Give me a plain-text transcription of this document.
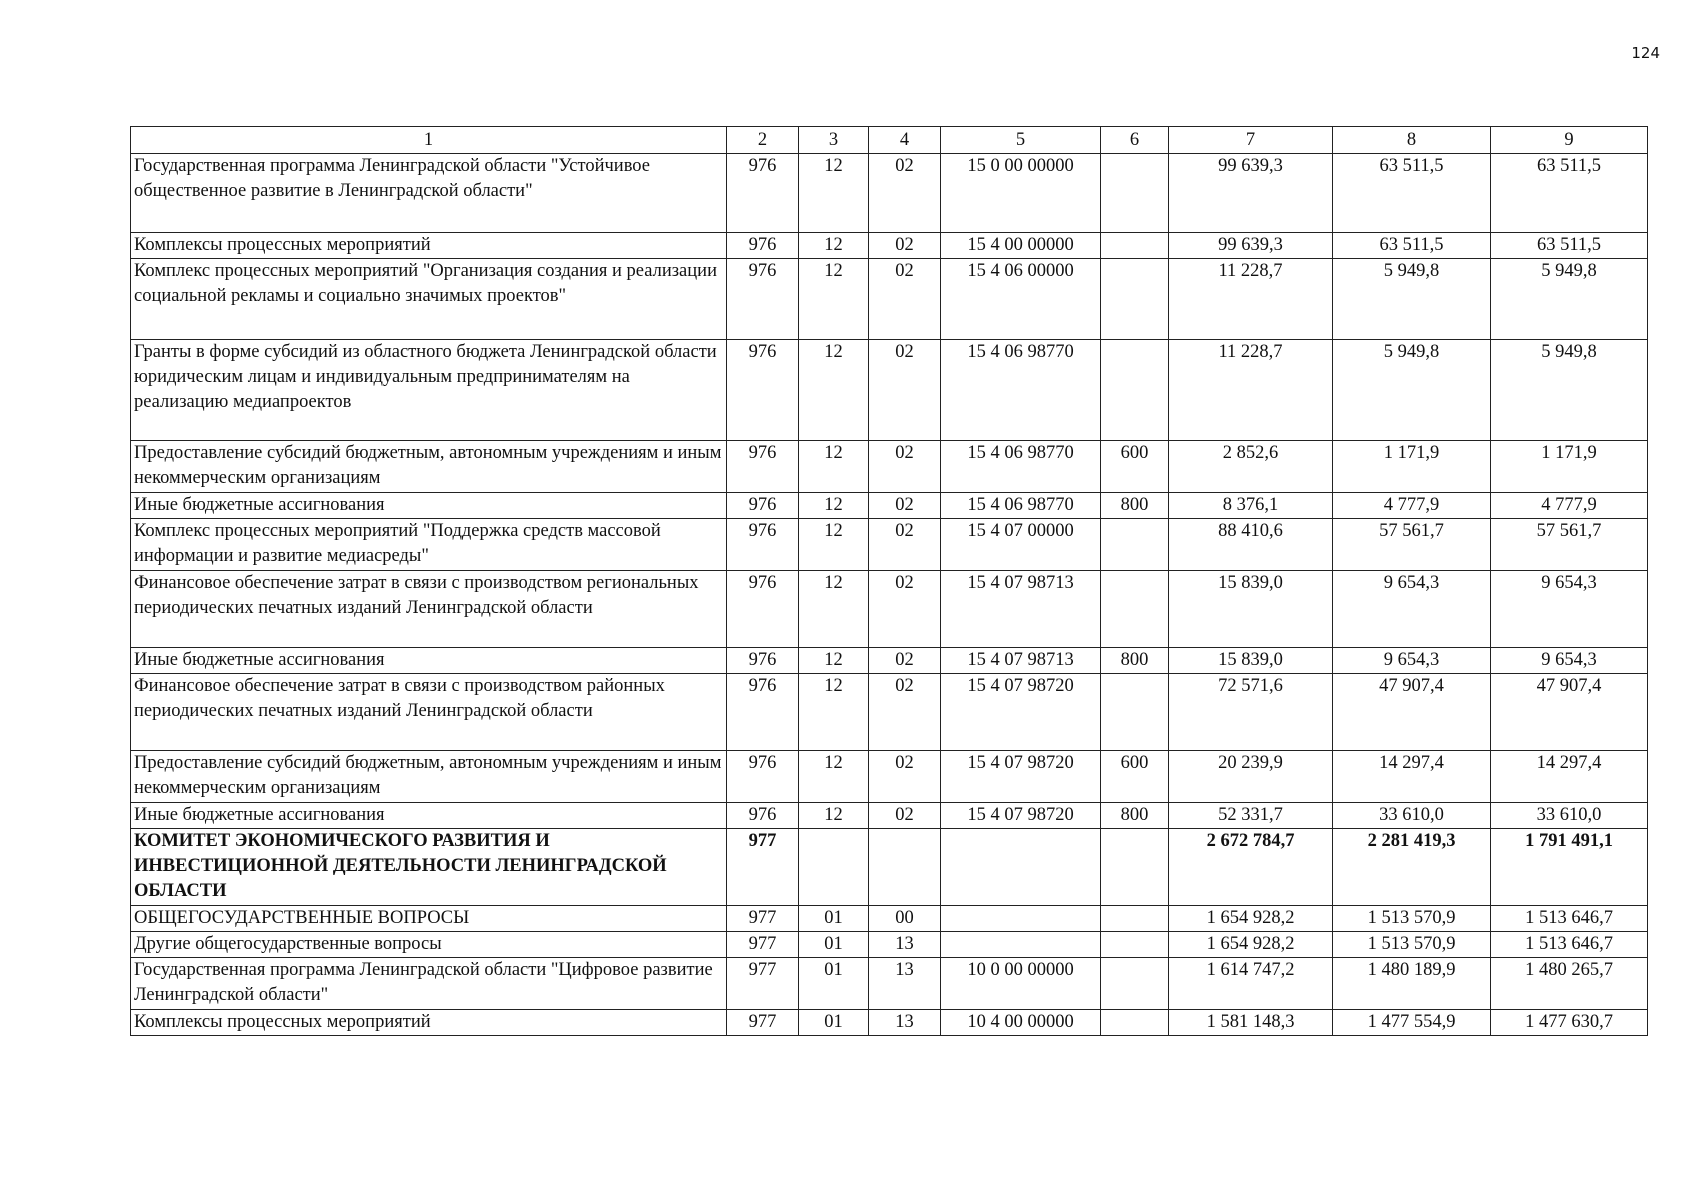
124
1	2	3	4	5	6	7	8	9
Государственная программа Ленинградской области "Устойчивое общественное развитие в Ленинградской области"	976	12	02	15 0 00 00000		99 639,3	63 511,5	63 511,5
Комплексы процессных мероприятий	976	12	02	15 4 00 00000		99 639,3	63 511,5	63 511,5
Комплекс процессных мероприятий "Организация создания и реализации социальной рекламы и социально значимых проектов"	976	12	02	15 4 06 00000		11 228,7	5 949,8	5 949,8
Гранты в форме субсидий из областного бюджета Ленинградской области юридическим лицам и индивидуальным предпринимателям на реализацию медиапроектов	976	12	02	15 4 06 98770		11 228,7	5 949,8	5 949,8
Предоставление субсидий бюджетным, автономным учреждениям и иным некоммерческим организациям	976	12	02	15 4 06 98770	600	2 852,6	1 171,9	1 171,9
Иные бюджетные ассигнования	976	12	02	15 4 06 98770	800	8 376,1	4 777,9	4 777,9
Комплекс процессных мероприятий "Поддержка средств массовой информации и развитие медиасреды"	976	12	02	15 4 07 00000		88 410,6	57 561,7	57 561,7
Финансовое обеспечение затрат в связи с производством региональных периодических печатных изданий Ленинградской области	976	12	02	15 4 07 98713		15 839,0	9 654,3	9 654,3
Иные бюджетные ассигнования	976	12	02	15 4 07 98713	800	15 839,0	9 654,3	9 654,3
Финансовое обеспечение затрат в связи с производством районных периодических печатных изданий Ленинградской области	976	12	02	15 4 07 98720		72 571,6	47 907,4	47 907,4
Предоставление субсидий бюджетным, автономным учреждениям и иным некоммерческим организациям	976	12	02	15 4 07 98720	600	20 239,9	14 297,4	14 297,4
Иные бюджетные ассигнования	976	12	02	15 4 07 98720	800	52 331,7	33 610,0	33 610,0
КОМИТЕТ ЭКОНОМИЧЕСКОГО РАЗВИТИЯ И ИНВЕСТИЦИОННОЙ ДЕЯТЕЛЬНОСТИ ЛЕНИНГРАДСКОЙ ОБЛАСТИ	977					2 672 784,7	2 281 419,3	1 791 491,1
ОБЩЕГОСУДАРСТВЕННЫЕ ВОПРОСЫ	977	01	00			1 654 928,2	1 513 570,9	1 513 646,7
Другие общегосударственные вопросы	977	01	13			1 654 928,2	1 513 570,9	1 513 646,7
Государственная программа Ленинградской области "Цифровое развитие Ленинградской области"	977	01	13	10 0 00 00000		1 614 747,2	1 480 189,9	1 480 265,7
Комплексы процессных мероприятий	977	01	13	10 4 00 00000		1 581 148,3	1 477 554,9	1 477 630,7
